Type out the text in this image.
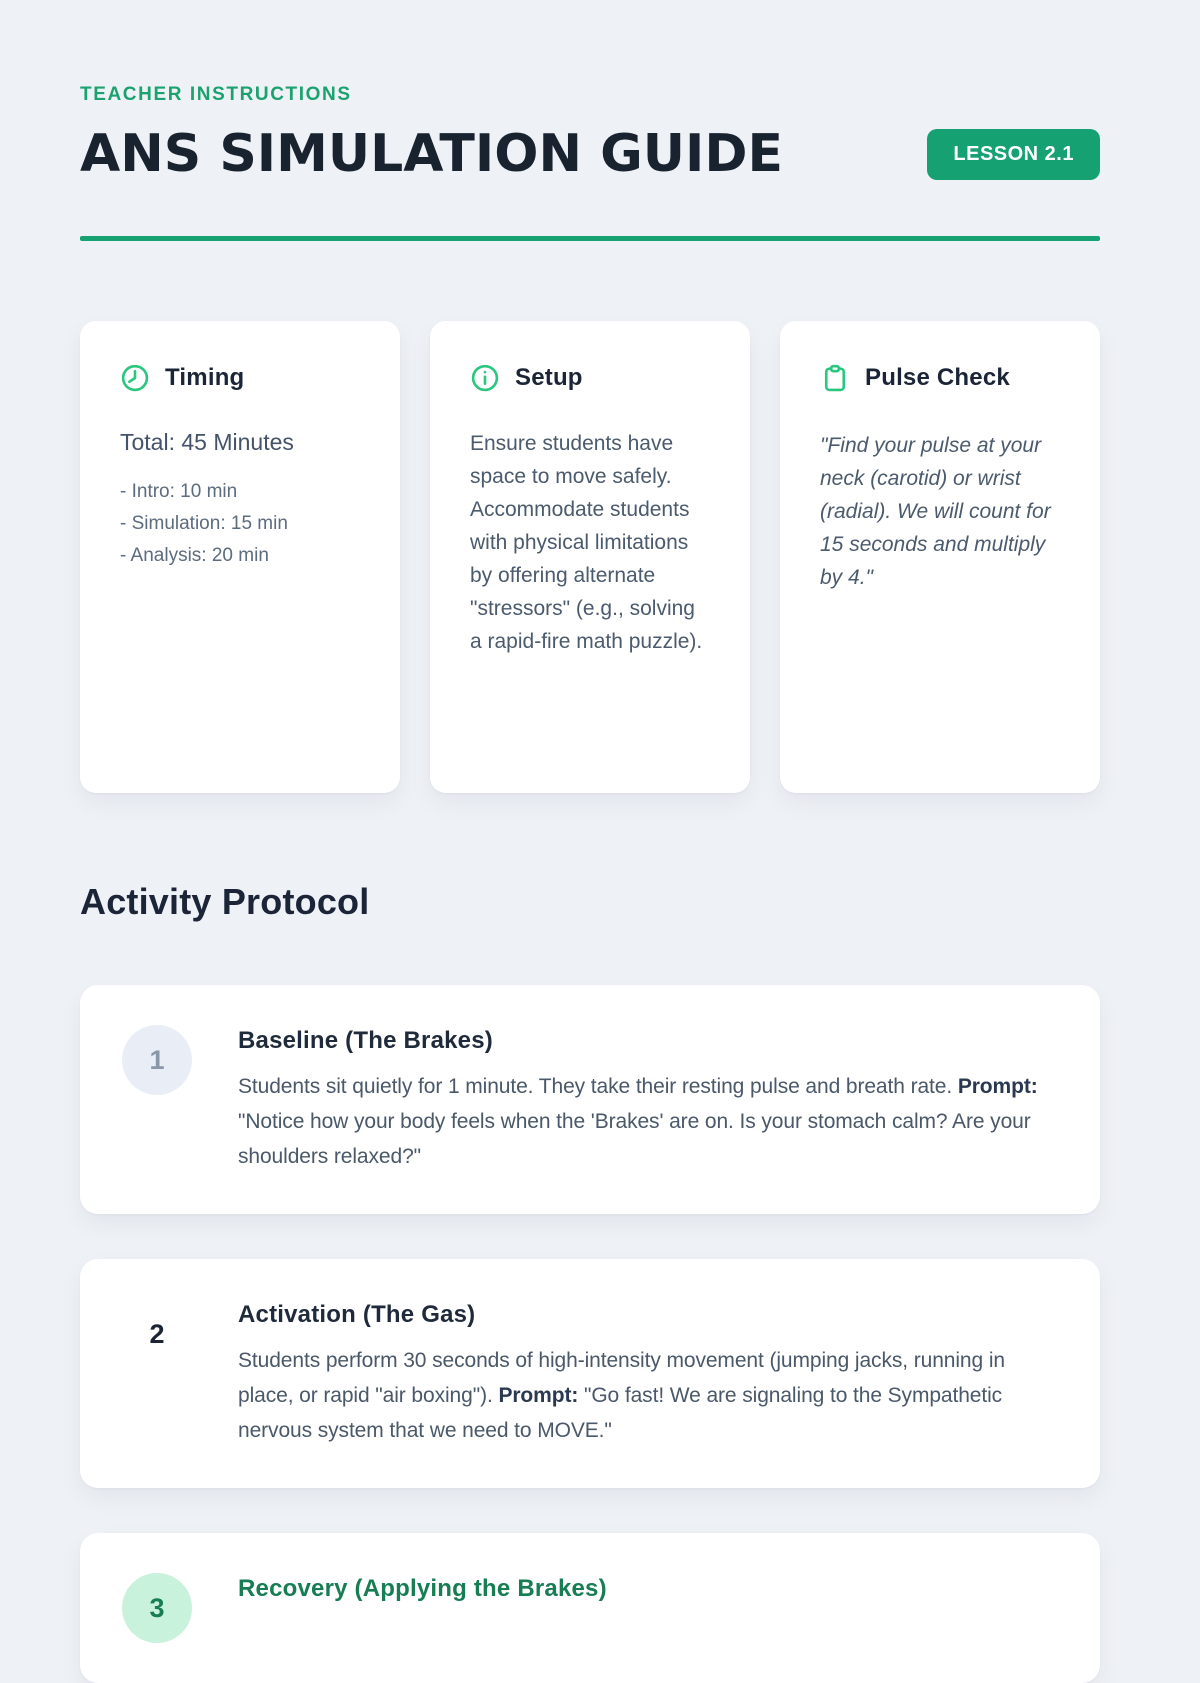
TEACHER INSTRUCTIONS
ANS SIMULATION GUIDE	LESSON 2.1
Timing

Total: 45 Minutes

- Intro: 10 min
- Simulation: 15 min
- Analysis: 20 min
Setup

Ensure students have space to move safely. Accommodate students with physical limitations by offering alternate "stressors" (e.g., solving a rapid-fire math puzzle).

Pulse Check

"Find your pulse at your neck (carotid) or wrist (radial). We will count for 15 seconds and multiply by 4."

Activity Protocol
1
Baseline (The Brakes)

Students sit quietly for 1 minute. They take their resting pulse and breath rate. Prompt: "Notice how your body feels when the 'Brakes' are on. Is your stomach calm? Are your shoulders relaxed?"

2
Activation (The Gas)

Students perform 30 seconds of high-intensity movement (jumping jacks, running in place, or rapid "air boxing"). Prompt: "Go fast! We are signaling to the Sympathetic nervous system that we need to MOVE."

3
Recovery (Applying the Brakes)
